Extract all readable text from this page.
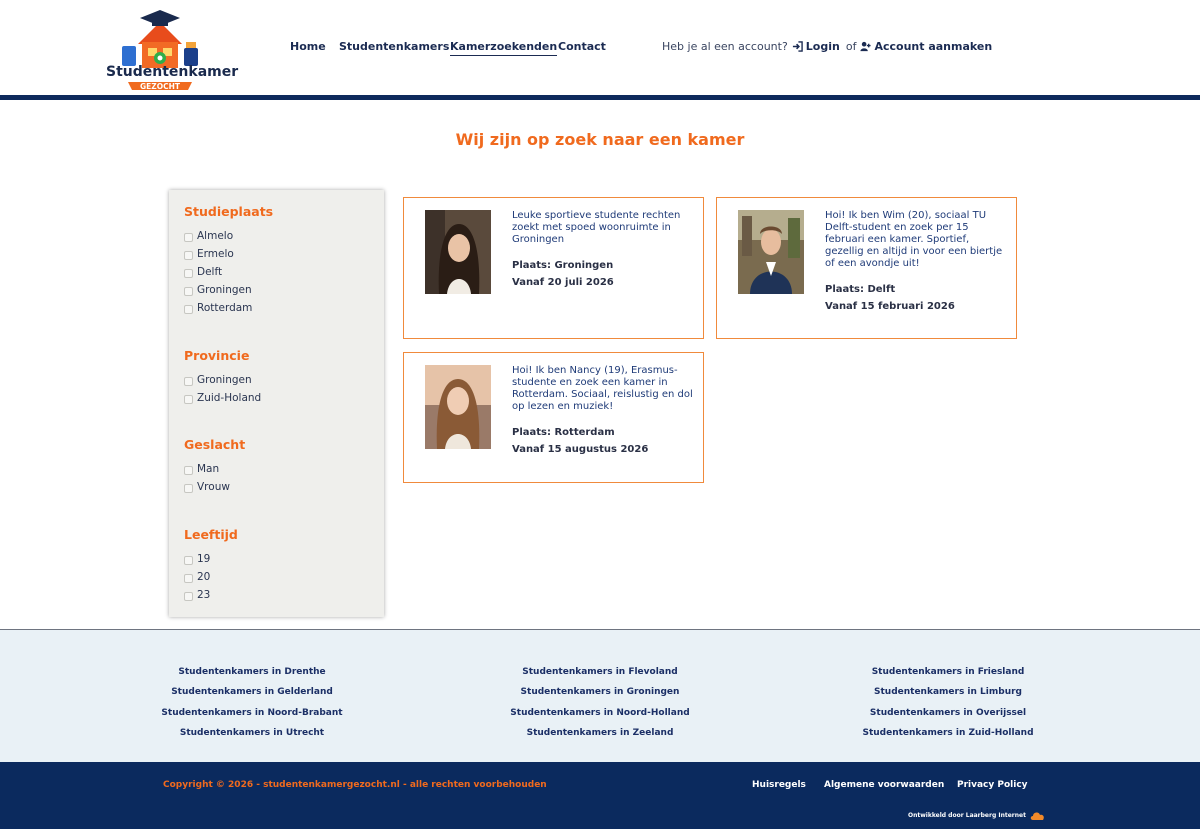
Studentenkamer
GEZOCHT
Home Studentenkamers Kamerzoekenden Contact	Heb je al een account? Login of Account aanmaken
Wij zijn op zoek naar een kamer
Studieplaats
Almelo
Ermelo
Delft
Groningen
Rotterdam
Provincie
Groningen
Zuid-Holand
Geslacht
Man
Vrouw
Leeftijd
19
20
23
Leuke sportieve studente rechten zoekt met spoed woonruimte in Groningen
Plaats: Groningen
Vanaf 20 juli 2026
Hoi! Ik ben Wim (20), sociaal TU Delft-student en zoek per 15 februari een kamer. Sportief, gezellig en altijd in voor een biertje of een avondje uit!
Plaats: Delft
Vanaf 15 februari 2026
Hoi! Ik ben Nancy (19), Erasmus-studente en zoek een kamer in Rotterdam. Sociaal, reislustig en dol op lezen en muziek!
Plaats: Rotterdam
Vanaf 15 augustus 2026
Studentenkamers in Drenthe
Studentenkamers in Gelderland
Studentenkamers in Noord-Brabant
Studentenkamers in Utrecht
Studentenkamers in Flevoland
Studentenkamers in Groningen
Studentenkamers in Noord-Holland
Studentenkamers in Zeeland
Studentenkamers in Friesland
Studentenkamers in Limburg
Studentenkamers in Overijssel
Studentenkamers in Zuid-Holland
Copyright © 2026 - studentenkamergezocht.nl - alle rechten voorbehouden	Huisregels Algemene voorwaarden Privacy Policy
Ontwikkeld door Laarberg Internet
